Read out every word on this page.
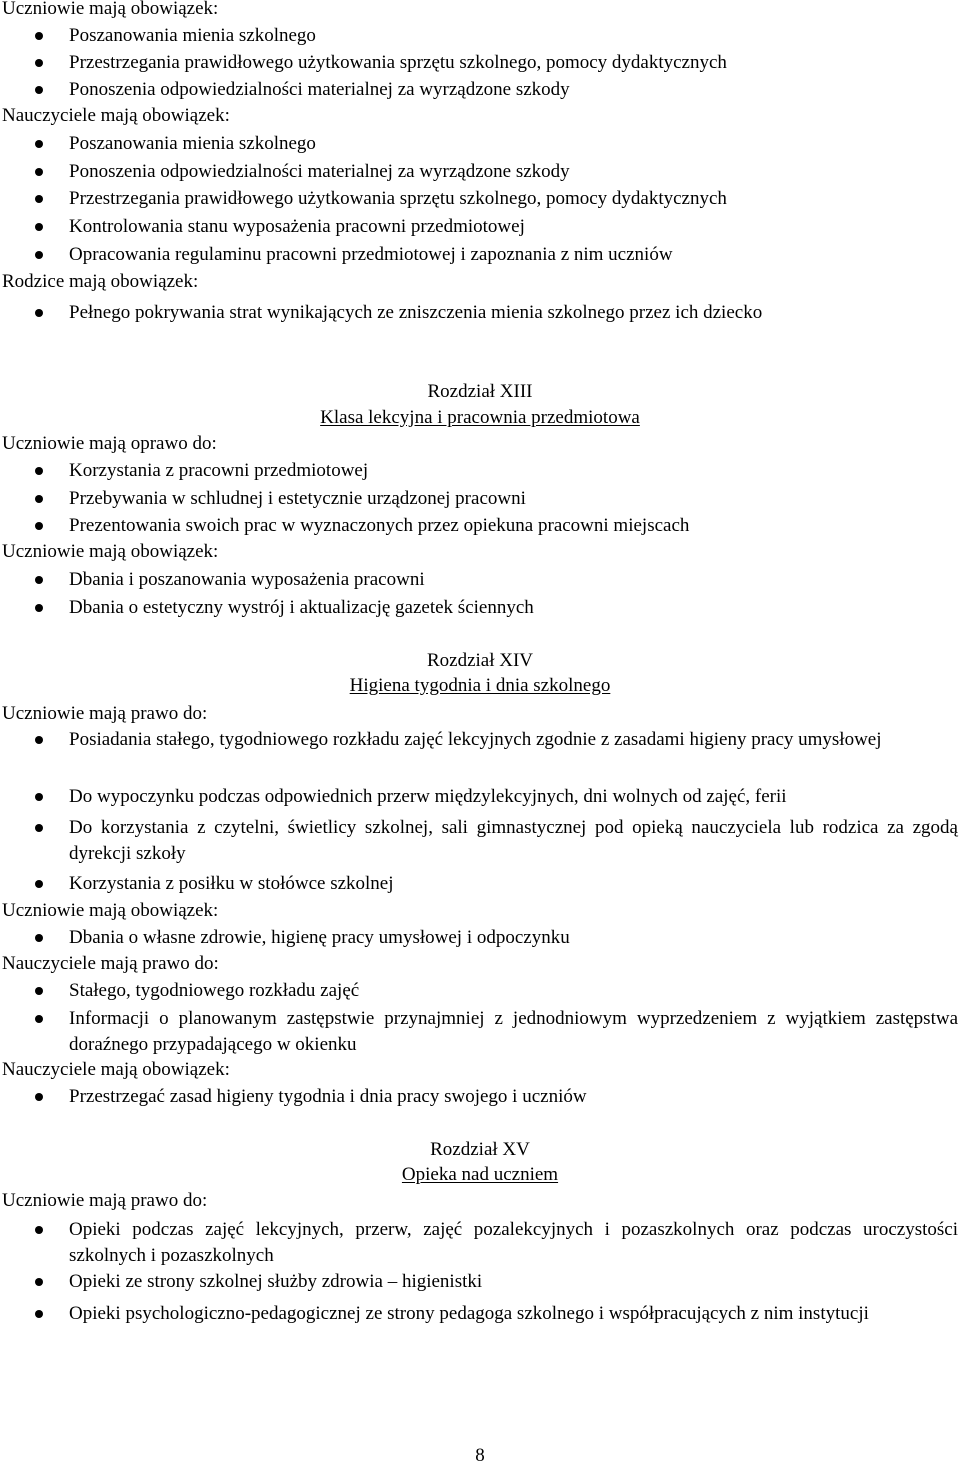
Uczniowie mają obowiązek:
Poszanowania mienia szkolnego
Przestrzegania prawidłowego użytkowania sprzętu szkolnego, pomocy dydaktycznych
Ponoszenia odpowiedzialności materialnej za wyrządzone szkody
Nauczyciele mają obowiązek:
Poszanowania mienia szkolnego
Ponoszenia odpowiedzialności materialnej za wyrządzone szkody
Przestrzegania prawidłowego użytkowania sprzętu szkolnego, pomocy dydaktycznych
Kontrolowania stanu wyposażenia pracowni przedmiotowej
Opracowania regulaminu pracowni przedmiotowej i zapoznania z nim uczniów
Rodzice mają obowiązek:
Pełnego pokrywania strat wynikających ze zniszczenia mienia szkolnego przez ich dziecko
Rozdział XIII
Klasa lekcyjna i pracownia przedmiotowa
Uczniowie mają oprawo do:
Korzystania z pracowni przedmiotowej
Przebywania w schludnej i estetycznie urządzonej pracowni
Prezentowania swoich prac w wyznaczonych przez opiekuna pracowni miejscach
Uczniowie mają obowiązek:
Dbania i poszanowania wyposażenia pracowni
Dbania o estetyczny wystrój i aktualizację gazetek ściennych
Rozdział XIV
Higiena tygodnia i dnia szkolnego
Uczniowie mają prawo do:
Posiadania stałego, tygodniowego rozkładu zajęć lekcyjnych zgodnie z zasadami higieny pracy umysłowej
Do wypoczynku podczas odpowiednich przerw międzylekcyjnych, dni wolnych od zajęć, ferii
Do korzystania z czytelni, świetlicy szkolnej, sali gimnastycznej pod opieką nauczyciela lub rodzica za zgodą dyrekcji szkoły
Korzystania z posiłku w stołówce szkolnej
Uczniowie mają obowiązek:
Dbania o własne zdrowie, higienę pracy umysłowej i odpoczynku
Nauczyciele mają prawo do:
Stałego, tygodniowego rozkładu zajęć
Informacji o planowanym zastępstwie przynajmniej z jednodniowym wyprzedzeniem z wyjątkiem zastępstwa doraźnego przypadającego w okienku
Nauczyciele mają obowiązek:
Przestrzegać zasad higieny tygodnia i dnia pracy swojego i uczniów
Rozdział XV
Opieka nad uczniem
Uczniowie mają prawo do:
Opieki podczas zajęć lekcyjnych, przerw, zajęć pozalekcyjnych i pozaszkolnych oraz podczas uroczystości szkolnych i pozaszkolnych
Opieki ze strony szkolnej służby zdrowia – higienistki
Opieki psychologiczno-pedagogicznej ze strony pedagoga szkolnego i współpracujących z nim instytucji
8
